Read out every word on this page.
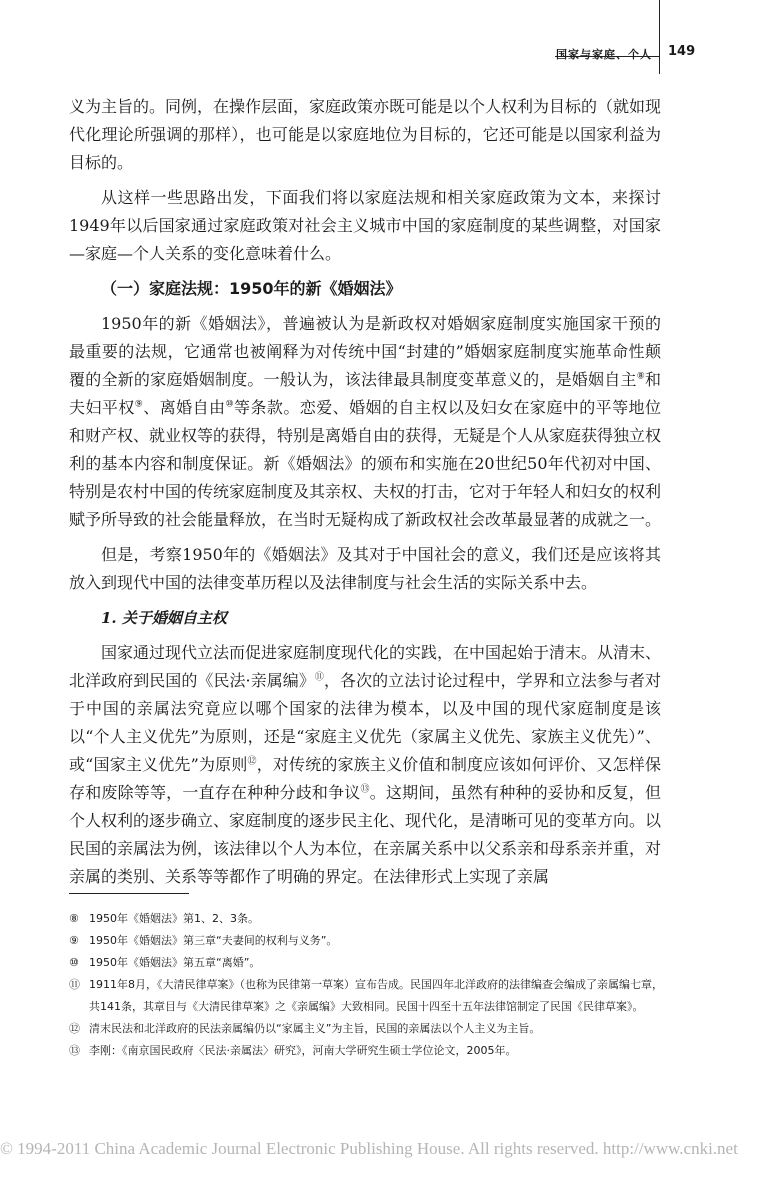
国家与家庭、个人 149

义为主旨的。同例，在操作层面，家庭政策亦既可能是以个人权利为目标的（就如现代化理论所强调的那样），也可能是以家庭地位为目标的，它还可能是以国家利益为目标的。

从这样一些思路出发，下面我们将以家庭法规和相关家庭政策为文本，来探讨1949年以后国家通过家庭政策对社会主义城市中国的家庭制度的某些调整，对国家—家庭—个人关系的变化意味着什么。

（一）家庭法规：1950年的新《婚姻法》

1950年的新《婚姻法》，普遍被认为是新政权对婚姻家庭制度实施国家干预的最重要的法规，它通常也被阐释为对传统中国“封建的”婚姻家庭制度实施革命性颠覆的全新的家庭婚姻制度。一般认为，该法律最具制度变革意义的，是婚姻自主⑧和夫妇平权⑨、离婚自由⑩等条款。恋爱、婚姻的自主权以及妇女在家庭中的平等地位和财产权、就业权等的获得，特别是离婚自由的获得，无疑是个人从家庭获得独立权利的基本内容和制度保证。新《婚姻法》的颁布和实施在20世纪50年代初对中国、特别是农村中国的传统家庭制度及其亲权、夫权的打击，它对于年轻人和妇女的权利赋予所导致的社会能量释放，在当时无疑构成了新政权社会改革最显著的成就之一。

但是，考察1950年的《婚姻法》及其对于中国社会的意义，我们还是应该将其放入到现代中国的法律变革历程以及法律制度与社会生活的实际关系中去。

1. 关于婚姻自主权

国家通过现代立法而促进家庭制度现代化的实践，在中国起始于清末。从清末、北洋政府到民国的《民法·亲属编》⑪，各次的立法讨论过程中，学界和立法参与者对于中国的亲属法究竟应以哪个国家的法律为模本，以及中国的现代家庭制度是该以“个人主义优先”为原则，还是“家庭主义优先（家属主义优先、家族主义优先）”、或“国家主义优先”为原则⑫，对传统的家族主义价值和制度应该如何评价、又怎样保存和废除等等，一直存在种种分歧和争议⑬。这期间，虽然有种种的妥协和反复，但个人权利的逐步确立、家庭制度的逐步民主化、现代化，是清晰可见的变革方向。以民国的亲属法为例，该法律以个人为本位，在亲属关系中以父系亲和母系亲并重，对亲属的类别、关系等等都作了明确的界定。在法律形式上实现了亲属

⑧ 1950年《婚姻法》第1、2、3条。

⑨ 1950年《婚姻法》第三章“夫妻间的权利与义务”。

⑩ 1950年《婚姻法》第五章“离婚”。

⑪ 1911年8月，《大清民律草案》（也称为民律第一草案）宣布告成。民国四年北洋政府的法律编查会编成了亲属编七章，共141条，其章目与《大清民律草案》之《亲属编》大致相同。民国十四至十五年法律馆制定了民国《民律草案》。

⑫ 清末民法和北洋政府的民法亲属编仍以“家属主义”为主旨，民国的亲属法以个人主义为主旨。

⑬ 李刚：《南京国民政府〈民法·亲属法〉研究》，河南大学研究生硕士学位论文，2005年。

© 1994-2011 China Academic Journal Electronic Publishing House. All rights reserved. http://www.cnki.net
